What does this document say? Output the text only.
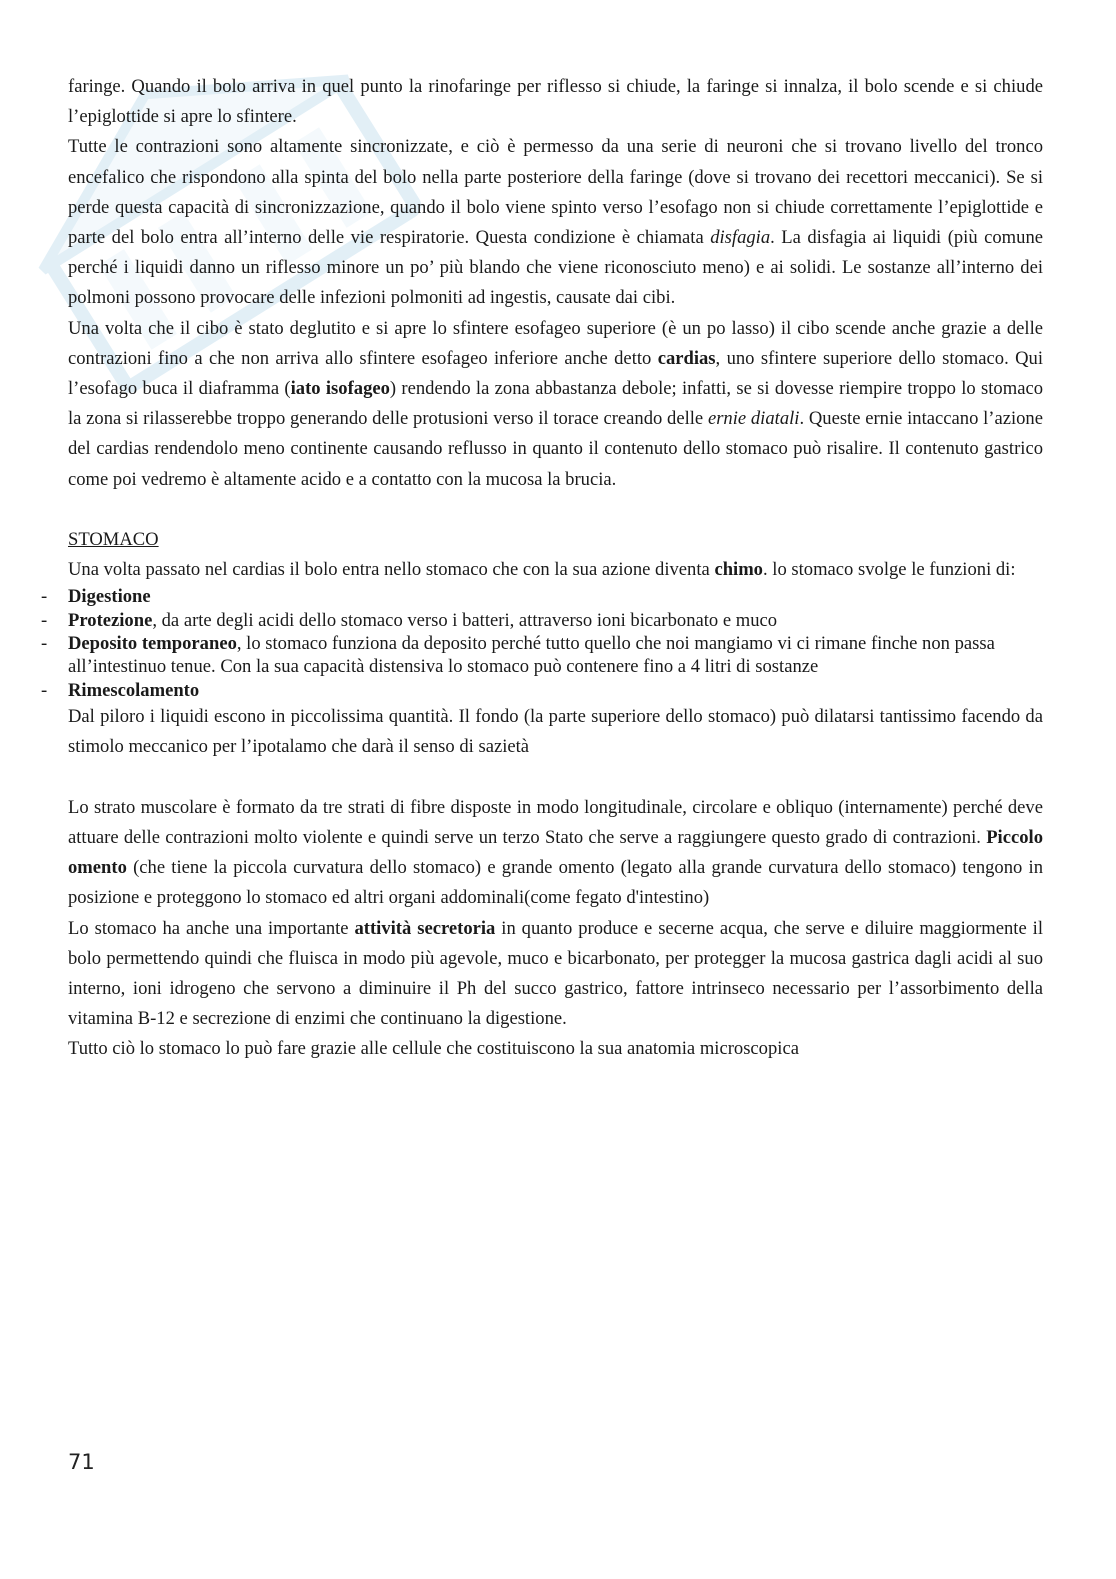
faringe. Quando il bolo arriva in quel punto la rinofaringe per riflesso si chiude, la faringe si innalza, il bolo scende e si chiude l’epiglottide si apre lo sfintere.

Tutte le contrazioni sono altamente sincronizzate, e ciò è permesso da una serie di neuroni che si trovano livello del tronco encefalico che rispondono alla spinta del bolo nella parte posteriore della faringe (dove si trovano dei recettori meccanici). Se si perde questa capacità di sincronizzazione, quando il bolo viene spinto verso l’esofago non si chiude correttamente l’epiglottide e parte del bolo entra all’interno delle vie respiratorie. Questa condizione è chiamata disfagia. La disfagia ai liquidi (più comune perché i liquidi danno un riflesso minore un po’ più blando che viene riconosciuto meno) e ai solidi. Le sostanze all’interno dei polmoni possono provocare delle infezioni polmoniti ad ingestis, causate dai cibi.

Una volta che il cibo è stato deglutito e si apre lo sfintere esofageo superiore (è un po lasso) il cibo scende anche grazie a delle contrazioni fino a che non arriva allo sfintere esofageo inferiore anche detto cardias, uno sfintere superiore dello stomaco. Qui l’esofago buca il diaframma (iato isofageo) rendendo la zona abbastanza debole; infatti, se si dovesse riempire troppo lo stomaco la zona si rilasserebbe troppo generando delle protusioni verso il torace creando delle ernie diatali. Queste ernie intaccano l’azione del cardias rendendolo meno continente causando reflusso in quanto il contenuto dello stomaco può risalire. Il contenuto gastrico come poi vedremo è altamente acido e a contatto con la mucosa la brucia.

STOMACO

Una volta passato nel cardias il bolo entra nello stomaco che con la sua azione diventa chimo. lo stomaco svolge le funzioni di:

- Digestione
- Protezione, da arte degli acidi dello stomaco verso i batteri, attraverso ioni bicarbonato e muco
- Deposito temporaneo, lo stomaco funziona da deposito perché tutto quello che noi mangiamo vi ci rimane finche non passa all’intestinuo tenue. Con la sua capacità distensiva lo stomaco può contenere fino a 4 litri di sostanze
- Rimescolamento

Dal piloro i liquidi escono in piccolissima quantità. Il fondo (la parte superiore dello stomaco) può dilatarsi tantissimo facendo da stimolo meccanico per l’ipotalamo che darà il senso di sazietà

Lo strato muscolare è formato da tre strati di fibre disposte in modo longitudinale, circolare e obliquo (internamente) perché deve attuare delle contrazioni molto violente e quindi serve un terzo Stato che serve a raggiungere questo grado di contrazioni. Piccolo omento (che tiene la piccola curvatura dello stomaco) e grande omento (legato alla grande curvatura dello stomaco) tengono in posizione e proteggono lo stomaco ed altri organi addominali(come fegato d'intestino)

Lo stomaco ha anche una importante attività secretoria in quanto produce e secerne acqua, che serve e diluire maggiormente il bolo permettendo quindi che fluisca in modo più agevole, muco e bicarbonato, per protegger la mucosa gastrica dagli acidi al suo interno, ioni idrogeno che servono a diminuire il Ph del succo gastrico, fattore intrinseco necessario per l’assorbimento della vitamina B-12 e secrezione di enzimi che continuano la digestione.

Tutto ciò lo stomaco lo può fare grazie alle cellule che costituiscono la sua anatomia microscopica

71
